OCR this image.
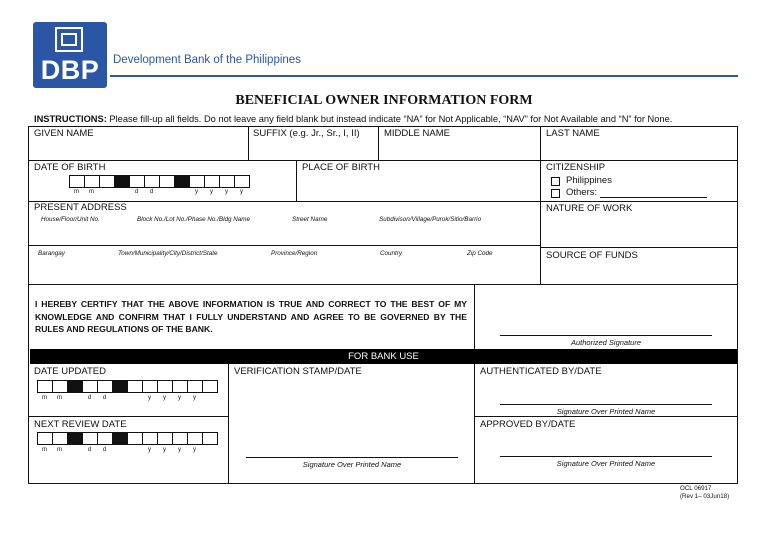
DBP	Development Bank of the Philippines
BENEFICIAL OWNER INFORMATION FORM
INSTRUCTIONS: Please fill-up all fields. Do not leave any field blank but instead indicate “NA” for Not Applicable, “NAV” for Not Available and “N” for None.
GIVEN NAME	SUFFIX (e.g. Jr., Sr., I, II)	MIDDLE NAME	LAST NAME
DATE OF BIRTH
m	m	d	d	y	y	y	y
PLACE OF BIRTH	CITIZENSHIP
Philippines
Others:
PRESENT ADDRESS
House/Floor/Unit No.	Block No./Lot No./Phase No./Bldg Name	Street Name	Subdivison/Village/Purok/Sitio/Barrio
Barangay	Town/Municipality/City/District/State	Province/Region	Country	Zip Code
NATURE OF WORK
SOURCE OF FUNDS
I HEREBY CERTIFY THAT THE ABOVE INFORMATION IS TRUE AND CORRECT TO THE BEST OF MY KNOWLEDGE AND CONFIRM THAT I FULLY UNDERSTAND AND AGREE TO BE GOVERNED BY THE RULES AND REGULATIONS OF THE BANK.
Authorized Signature
FOR BANK USE
DATE UPDATED
m	m	d	d	y	y	y	y
VERIFICATION STAMP/DATE	AUTHENTICATED BY/DATE
Signature Over Printed Name
NEXT REVIEW DATE
m	m	d	d	y	y	y	y
Signature Over Printed Name
APPROVED BY/DATE
Signature Over Printed Name
OCL 06917
(Rev 1– 03Jun18)
